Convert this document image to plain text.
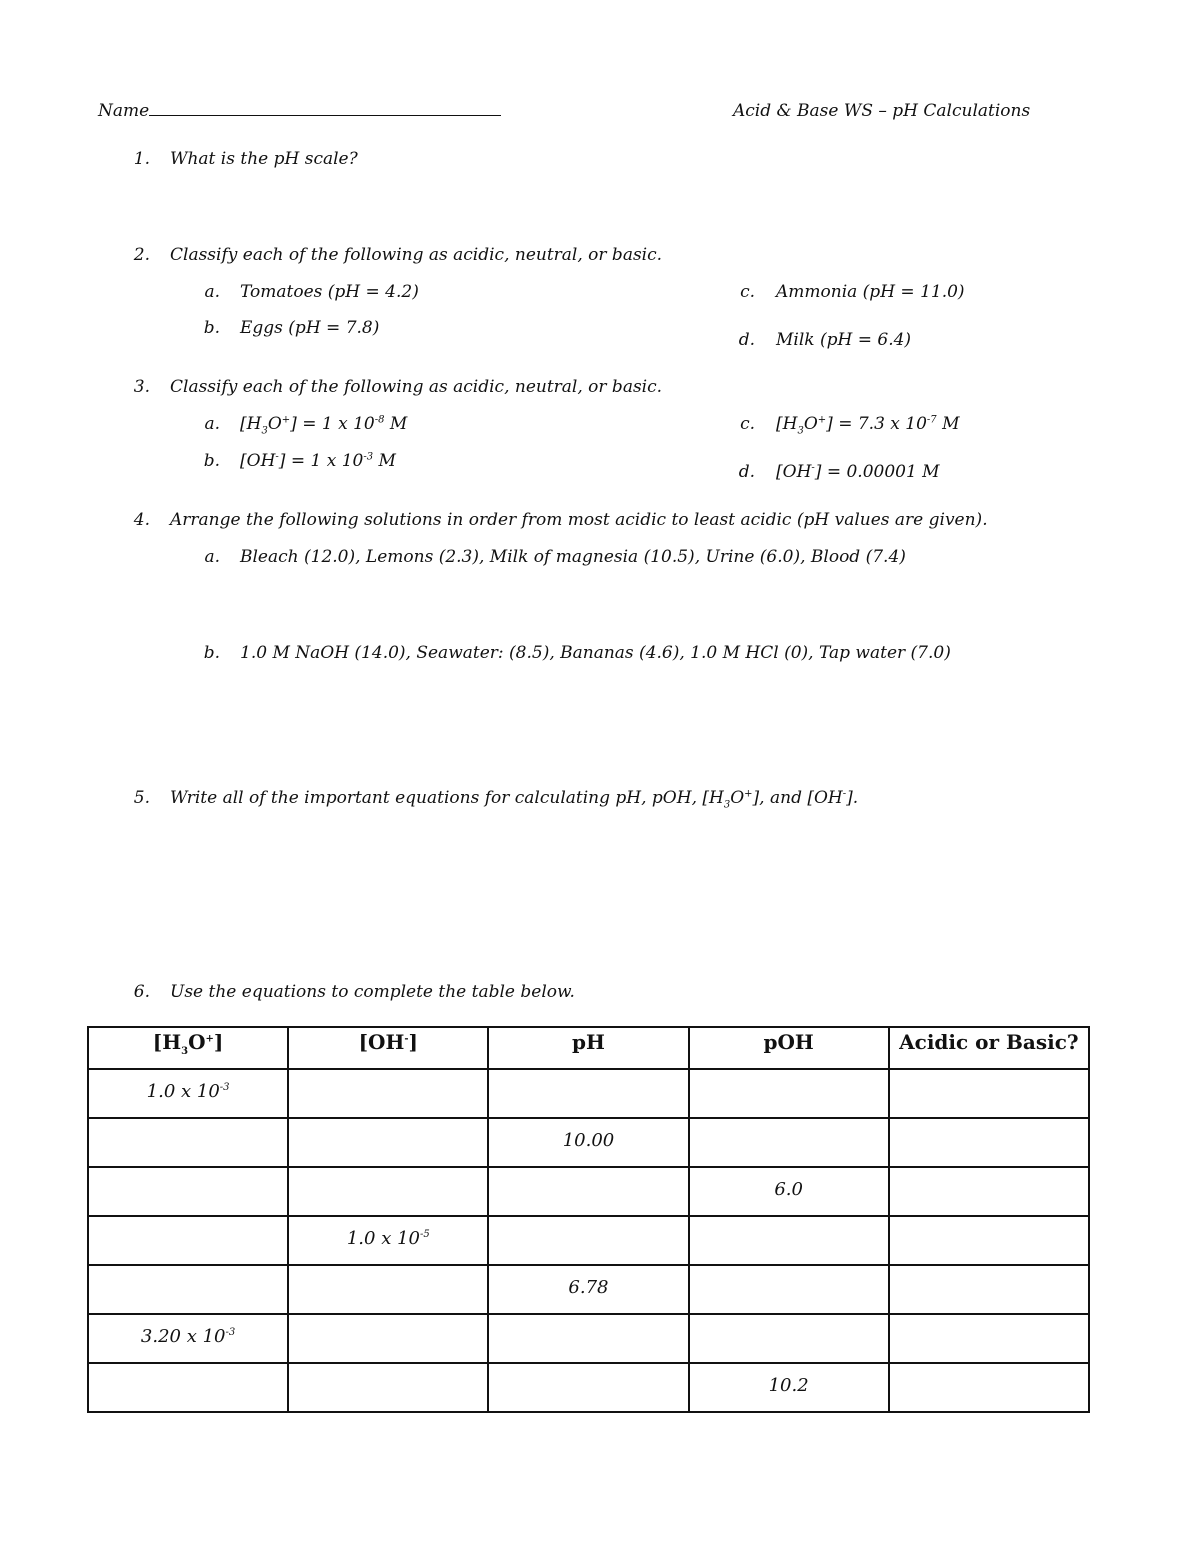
Name	Acid & Base WS – pH Calculations
1. What is the pH scale?
2. Classify each of the following as acidic, neutral, or basic.
a. Tomatoes (pH = 4.2)
b. Eggs (pH = 7.8)
c. Ammonia (pH = 11.0)
d. Milk (pH = 6.4)
3. Classify each of the following as acidic, neutral, or basic.
a. $[H_3O^+] = 1$ x $10^{-8}$ M
b. [OH-] = 1 x $10^{-3}$ M
c. $[H_3O^+] = 7.3$ x $10^{-7}$ M
d. [OH-] = 0.00001 M
4. Arrange the following solutions in order from most acidic to least acidic (pH values are given).
a. Bleach (12.0), Lemons (2.3), Milk of magnesia (10.5), Urine (6.0), Blood (7.4)
b. 1.0 M NaOH (14.0), Seawater: (8.5), Bananas (4.6), 1.0 M HCl (0), Tap water (7.0)
5. Write all of the important equations for calculating pH, pOH, $[H_3O^+]$, and [OH-].
6. Use the equations to complete the table below.
$[H_3O^+]$	[OH-]	pH	pOH	Acidic or Basic?
1.0 x $10^{-3}$				
		10.00		
			6.0	
	1.0 x $10^{-5}$			
		6.78		
3.20 x $10^{-3}$				
			10.2	
